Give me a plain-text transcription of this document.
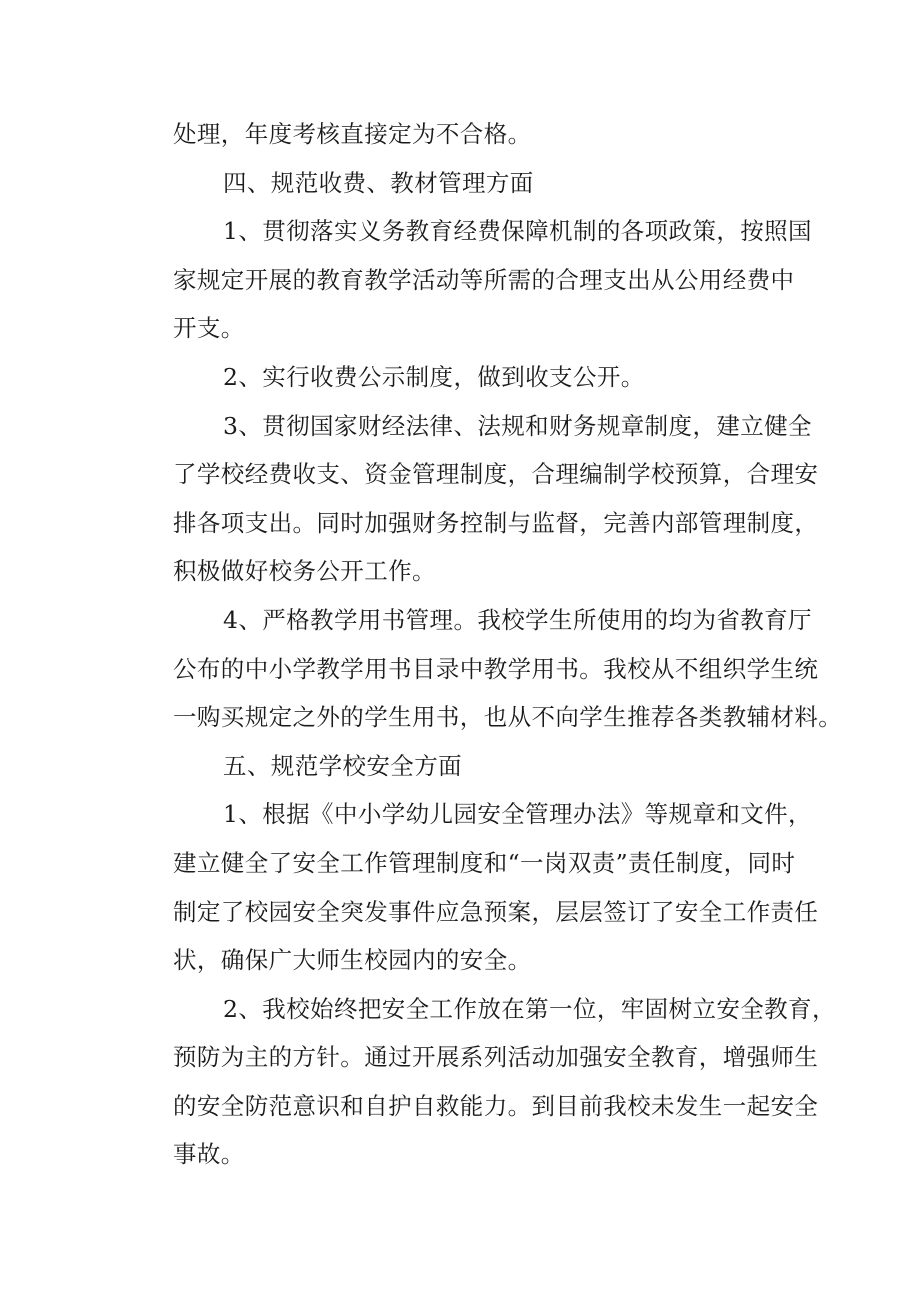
处理，年度考核直接定为不合格。
四、规范收费、教材管理方面
1、贯彻落实义务教育经费保障机制的各项政策，按照国
家规定开展的教育教学活动等所需的合理支出从公用经费中
开支。
2、实行收费公示制度，做到收支公开。
3、贯彻国家财经法律、法规和财务规章制度，建立健全
了学校经费收支、资金管理制度，合理编制学校预算，合理安
排各项支出。同时加强财务控制与监督，完善内部管理制度，
积极做好校务公开工作。
4、严格教学用书管理。我校学生所使用的均为省教育厅
公布的中小学教学用书目录中教学用书。我校从不组织学生统
一购买规定之外的学生用书，也从不向学生推荐各类教辅材料。
五、规范学校安全方面
1、根据《中小学幼儿园安全管理办法》等规章和文件，
建立健全了安全工作管理制度和“一岗双责”责任制度，同时
制定了校园安全突发事件应急预案，层层签订了安全工作责任
状，确保广大师生校园内的安全。
2、我校始终把安全工作放在第一位，牢固树立安全教育，
预防为主的方针。通过开展系列活动加强安全教育，增强师生
的安全防范意识和自护自救能力。到目前我校未发生一起安全
事故。
